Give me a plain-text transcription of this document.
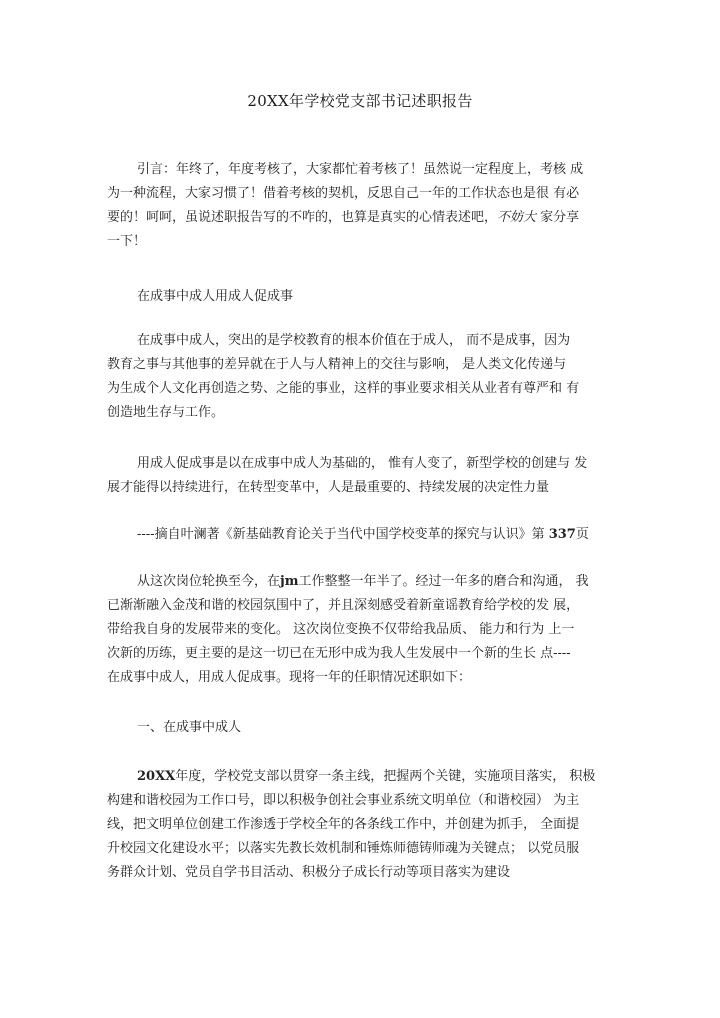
20XX年学校党支部书记述职报告
引言：年终了，年度考核了，大家都忙着考核了！虽然说一定程度上，考核 成
为一种流程，大家习惯了！借着考核的契机，反思自己一年的工作状态也是很 有必
要的！呵呵，虽说述职报告写的不咋的，也算是真实的心情表述吧，不妨大 家分享
一下！

在成事中成人用成人促成事

在成事中成人，突出的是学校教育的根本价值在于成人， 而不是成事，因为
教育之事与其他事的差异就在于人与人精神上的交往与影响， 是人类文化传递与
为生成个人文化再创造之势、之能的事业，这样的事业要求相关从业者有尊严和 有
创造地生存与工作。
用成人促成事是以在成事中成人为基础的， 惟有人变了，新型学校的创建与 发
展才能得以持续进行，在转型变革中，人是最重要的、持续发展的决定性力量

----摘自叶澜著《新基础教育论关于当代中国学校变革的探究与认识》第 337页

从这次岗位轮换至今，在jm工作整整一年半了。经过一年多的磨合和沟通， 我
已渐渐融入金茂和谐的校园氛围中了，并且深刻感受着新童谣教育给学校的发 展，
带给我自身的发展带来的变化。 这次岗位变换不仅带给我品质、 能力和行为 上一
次新的历练，更主要的是这一切已在无形中成为我人生发展中一个新的生长 点----
在成事中成人，用成人促成事。现将一年的任职情况述职如下：

一、在成事中成人

20XX年度，学校党支部以贯穿一条主线，把握两个关键，实施项目落实， 积极
构建和谐校园为工作口号，即以积极争创社会事业系统文明单位（和谐校园） 为主
线，把文明单位创建工作渗透于学校全年的各条线工作中，并创建为抓手， 全面提
升校园文化建设水平；以落实先教长效机制和锤炼师德铸师魂为关键点； 以党员服
务群众计划、党员自学书目活动、积极分子成长行动等项目落实为建设
